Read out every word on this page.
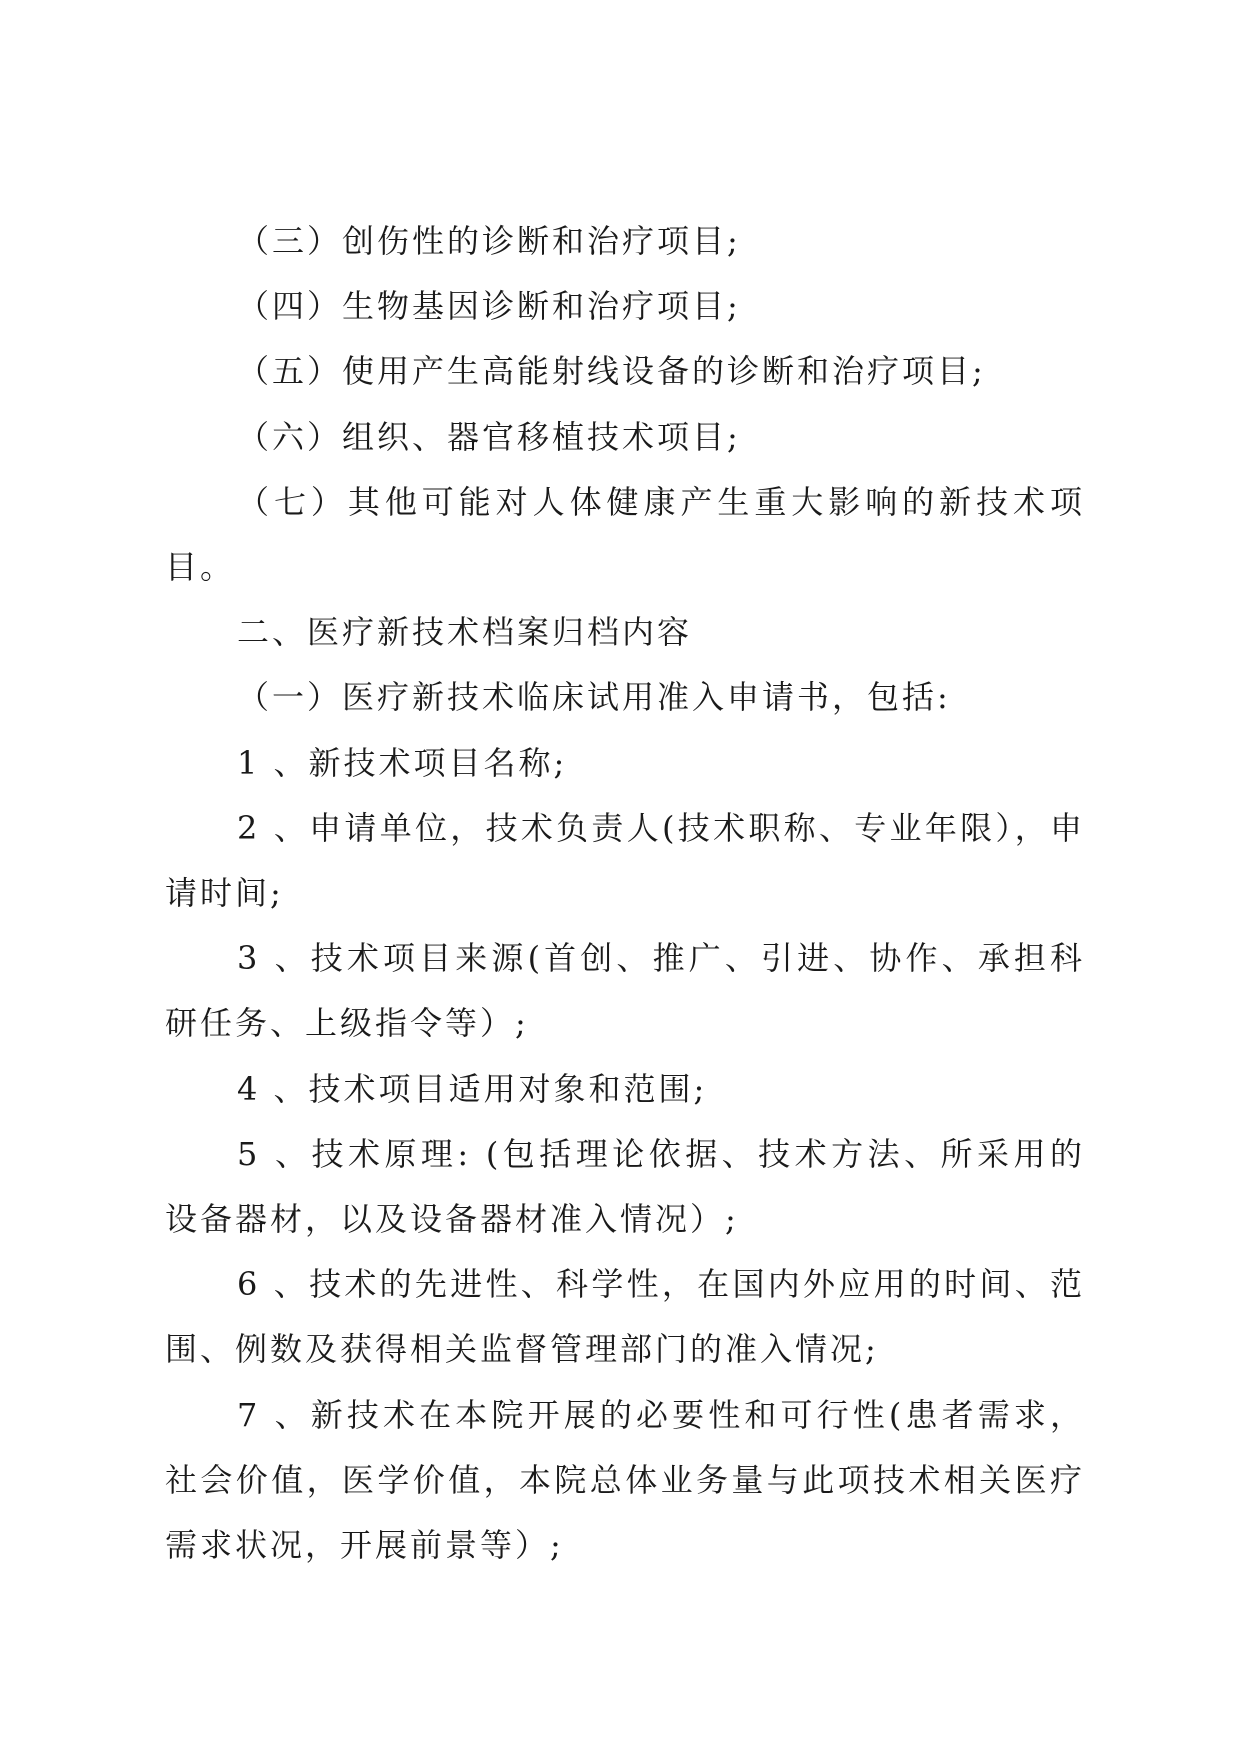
（三）创伤性的诊断和治疗项目;

（四）生物基因诊断和治疗项目;

（五）使用产生高能射线设备的诊断和治疗项目;

（六）组织、器官移植技术项目;

（七）其他可能对人体健康产生重大影响的新技术项目。

二、医疗新技术档案归档内容

（一）医疗新技术临床试用准入申请书，包括:

1 、新技术项目名称;

2 、申请单位，技术负责人(技术职称、专业年限），申请时间;

3 、技术项目来源(首创、推广、引进、协作、承担科研任务、上级指令等）;

4 、技术项目适用对象和范围;

5 、技术原理: (包括理论依据、技术方法、所采用的设备器材，以及设备器材准入情况）;

6 、技术的先进性、科学性，在国内外应用的时间、范围、例数及获得相关监督管理部门的准入情况;

7 、新技术在本院开展的必要性和可行性(患者需求，社会价值，医学价值，本院总体业务量与此项技术相关医疗需求状况，开展前景等）;
